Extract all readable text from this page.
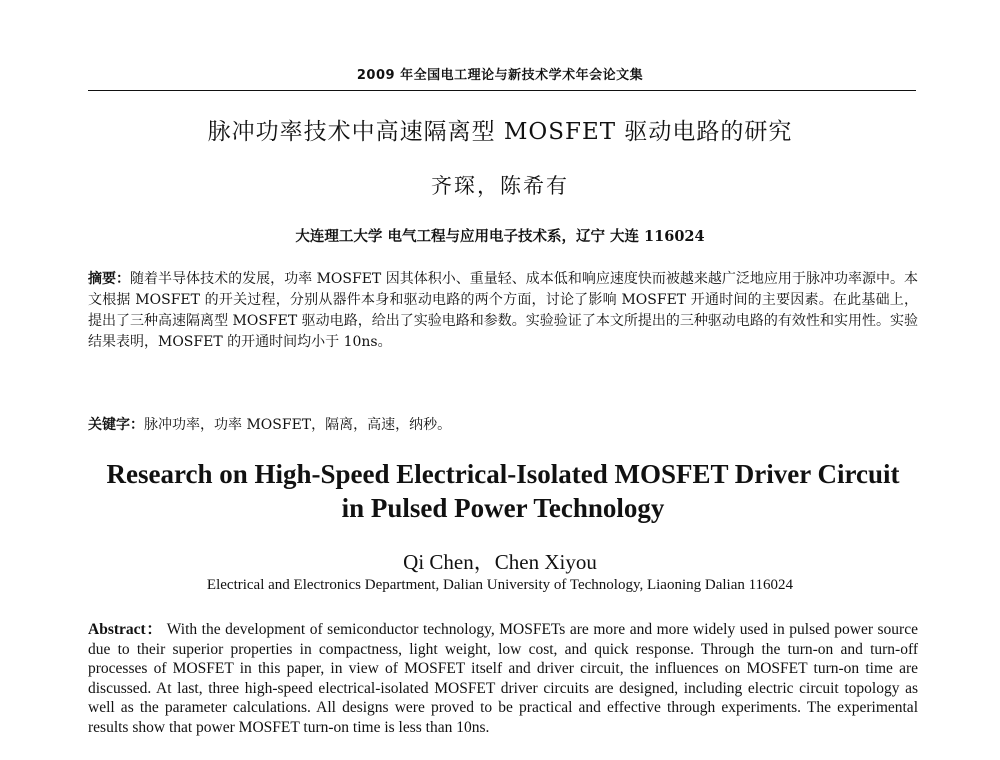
2009 年全国电工理论与新技术学术年会论文集
脉冲功率技术中高速隔离型 MOSFET 驱动电路的研究
齐琛，陈希有
大连理工大学 电气工程与应用电子技术系，辽宁 大连 116024
摘要：随着半导体技术的发展，功率 MOSFET 因其体积小、重量轻、成本低和响应速度快而被越来越广泛地应用于脉冲功率源中。本文根据 MOSFET 的开关过程，分别从器件本身和驱动电路的两个方面，讨论了影响 MOSFET 开通时间的主要因素。在此基础上，提出了三种高速隔离型 MOSFET 驱动电路，给出了实验电路和参数。实验验证了本文所提出的三种驱动电路的有效性和实用性。实验结果表明，MOSFET 的开通时间均小于 10ns。
关键字：脉冲功率，功率 MOSFET，隔离，高速，纳秒。
Research on High-Speed Electrical-Isolated MOSFET Driver Circuit
in Pulsed Power Technology
Qi Chen，Chen Xiyou
Electrical and Electronics Department, Dalian University of Technology, Liaoning Dalian 116024
Abstract： With the development of semiconductor technology, MOSFETs are more and more widely used in pulsed power source due to their superior properties in compactness, light weight, low cost, and quick response. Through the turn-on and turn-off processes of MOSFET in this paper, in view of MOSFET itself and driver circuit, the influences on MOSFET turn-on time are discussed. At last, three high-speed electrical-isolated MOSFET driver circuits are designed, including electric circuit topology as well as the parameter calculations. All designs were proved to be practical and effective through experiments. The experimental results show that power MOSFET turn-on time is less than 10ns.
